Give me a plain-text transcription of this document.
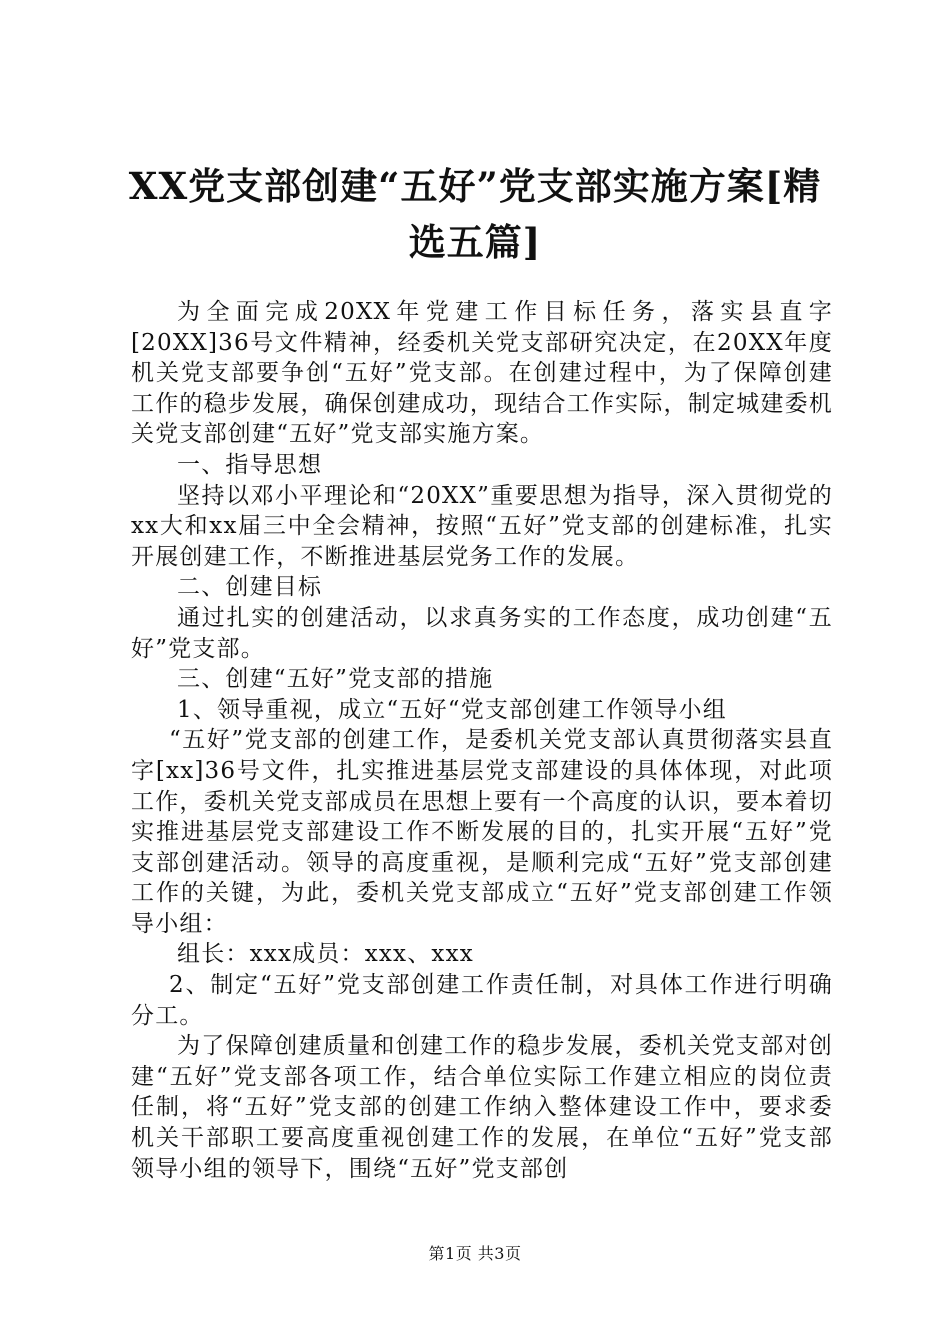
XX党支部创建“五好”党支部实施方案[精选五篇]

为全面完成20XX年党建工作目标任务，落实县直字[20XX]36号文件精神，经委机关党支部研究决定，在20XX年度机关党支部要争创“五好”党支部。在创建过程中，为了保障创建工作的稳步发展，确保创建成功，现结合工作实际，制定城建委机关党支部创建“五好”党支部实施方案。

一、指导思想

坚持以邓小平理论和“20XX”重要思想为指导，深入贯彻党的xx大和xx届三中全会精神，按照“五好”党支部的创建标准，扎实开展创建工作，不断推进基层党务工作的发展。

二、创建目标

通过扎实的创建活动，以求真务实的工作态度，成功创建“五好”党支部。

三、创建“五好”党支部的措施

1、领导重视，成立“五好“党支部创建工作领导小组

“五好”党支部的创建工作，是委机关党支部认真贯彻落实县直字[xx]36号文件，扎实推进基层党支部建设的具体体现，对此项工作，委机关党支部成员在思想上要有一个高度的认识，要本着切实推进基层党支部建设工作不断发展的目的，扎实开展“五好”党支部创建活动。领导的高度重视，是顺利完成“五好”党支部创建工作的关键，为此，委机关党支部成立“五好”党支部创建工作领导小组：

组长：xxx成员：xxx、xxx

2、制定“五好”党支部创建工作责任制，对具体工作进行明确分工。

为了保障创建质量和创建工作的稳步发展，委机关党支部对创建“五好”党支部各项工作，结合单位实际工作建立相应的岗位责任制，将“五好”党支部的创建工作纳入整体建设工作中，要求委机关干部职工要高度重视创建工作的发展，在单位“五好”党支部领导小组的领导下，围绕“五好”党支部创

第1页 共3页
